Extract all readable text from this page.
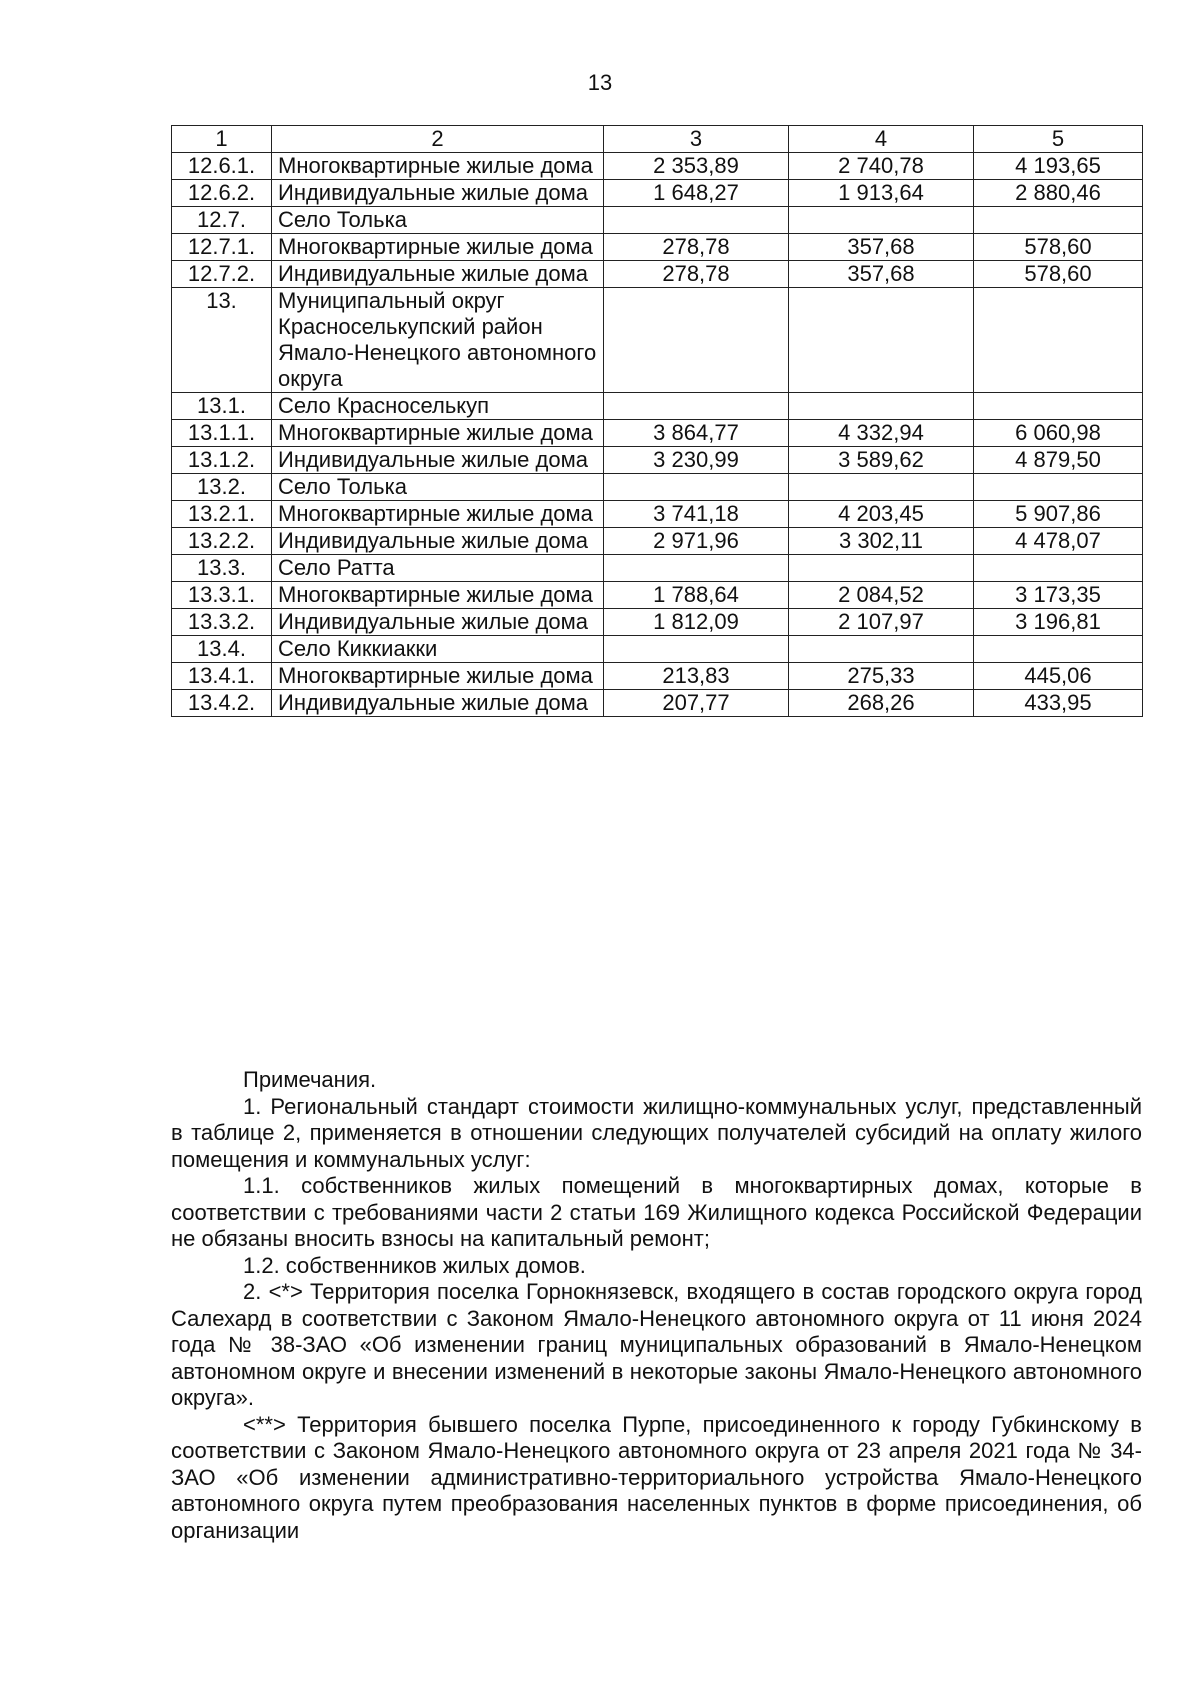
13
1	2	3	4	5
12.6.1.	Многоквартирные жилые дома	2 353,89	2 740,78	4 193,65
12.6.2.	Индивидуальные жилые дома	1 648,27	1 913,64	2 880,46
12.7.	Село Толька			
12.7.1.	Многоквартирные жилые дома	278,78	357,68	578,60
12.7.2.	Индивидуальные жилые дома	278,78	357,68	578,60
13.	Муниципальный округ Красноселькупский район Ямало-Ненецкого автономного округа			
13.1.	Село Красноселькуп			
13.1.1.	Многоквартирные жилые дома	3 864,77	4 332,94	6 060,98
13.1.2.	Индивидуальные жилые дома	3 230,99	3 589,62	4 879,50
13.2.	Село Толька			
13.2.1.	Многоквартирные жилые дома	3 741,18	4 203,45	5 907,86
13.2.2.	Индивидуальные жилые дома	2 971,96	3 302,11	4 478,07
13.3.	Село Ратта			
13.3.1.	Многоквартирные жилые дома	1 788,64	2 084,52	3 173,35
13.3.2.	Индивидуальные жилые дома	1 812,09	2 107,97	3 196,81
13.4.	Село Киккиакки			
13.4.1.	Многоквартирные жилые дома	213,83	275,33	445,06
13.4.2.	Индивидуальные жилые дома	207,77	268,26	433,95

Примечания.

1. Региональный стандарт стоимости жилищно-коммунальных услуг, представленный в таблице 2, применяется в отношении следующих получателей субсидий на оплату жилого помещения и коммунальных услуг:

1.1. собственников жилых помещений в многоквартирных домах, которые в соответствии с требованиями части 2 статьи 169 Жилищного кодекса Российской Федерации не обязаны вносить взносы на капитальный ремонт;

1.2. собственников жилых домов.

2. <*> Территория поселка Горнокнязевск, входящего в состав городского округа город Салехард в соответствии с Законом Ямало-Ненецкого автономного округа от 11 июня 2024 года № 38-ЗАО «Об изменении границ муниципальных образований в Ямало-Ненецком автономном округе и внесении изменений в некоторые законы Ямало-Ненецкого автономного округа».

<**> Территория бывшего поселка Пурпе, присоединенного к городу Губкинскому в соответствии с Законом Ямало-Ненецкого автономного округа от 23 апреля 2021 года № 34-ЗАО «Об изменении административно-территориального устройства Ямало-Ненецкого автономного округа путем преобразования населенных пунктов в форме присоединения, об организации
